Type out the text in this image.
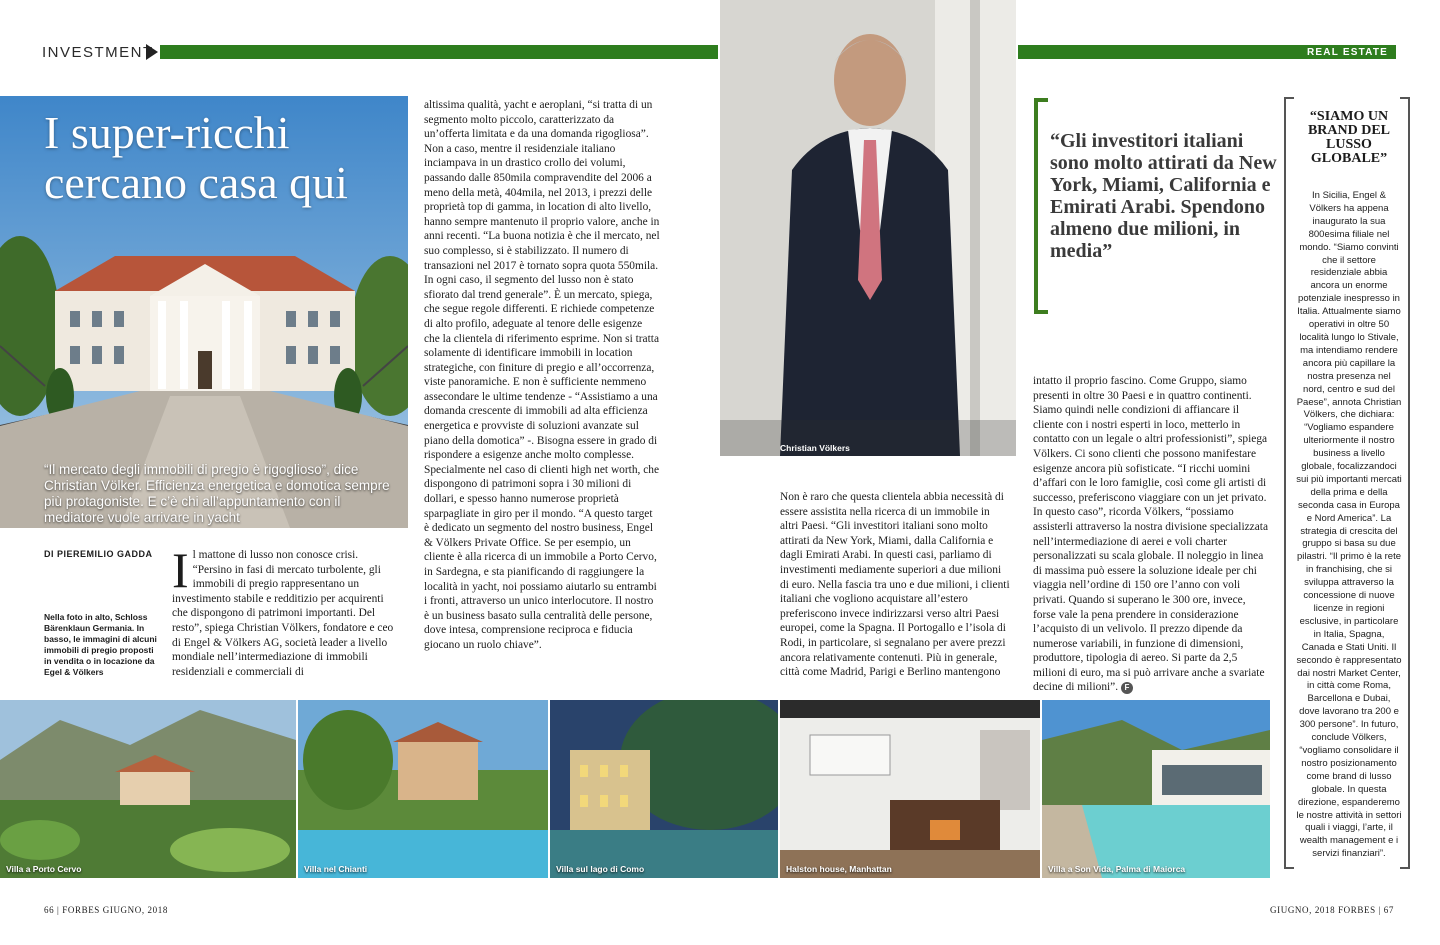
INVESTMENT	REAL ESTATE
I super-ricchi cercano casa qui
“Il mercato degli immobili di pregio è rigoglioso”, dice Christian Völker. Efficienza energetica e domotica sempre più protagoniste. E c’è chi all’appuntamento con il mediatore vuole arrivare in yacht
DI PIEREMILIO GADDA
Nella foto in alto, Schloss Bärenklaun Germania. In basso, le immagini di alcuni immobili di pregio proposti in vendita o in locazione da Egel & Völkers
I l mattone di lusso non conosce crisi. “Persino in fasi di mercato turbolente, gli immobili di pregio rappresentano un investimento stabile e redditizio per acquirenti che dispongono di patrimoni importanti. Del resto”, spiega Christian Völkers, fondatore e ceo di Engel & Völkers AG, società leader a livello mondiale nell’intermediazione di immobili residenziali e commerciali di
altissima qualità, yacht e aeroplani, “si tratta di un segmento molto piccolo, caratterizzato da un’offerta limitata e da una domanda rigogliosa”. Non a caso, mentre il residenziale italiano inciampava in un drastico crollo dei volumi, passando dalle 850mila compravendite del 2006 a meno della metà, 404mila, nel 2013, i prezzi delle proprietà top di gamma, in location di alto livello, hanno sempre mantenuto il proprio valore, anche in anni recenti. “La buona notizia è che il mercato, nel suo complesso, si è stabilizzato. Il numero di transazioni nel 2017 è tornato sopra quota 550mila. In ogni caso, il segmento del lusso non è stato sfiorato dal trend generale”. È un mercato, spiega, che segue regole differenti. E richiede competenze di alto profilo, adeguate al tenore delle esigenze che la clientela di riferimento esprime. Non si tratta solamente di identificare immobili in location strategiche, con finiture di pregio e all’occorrenza, viste panoramiche. E non è sufficiente nemmeno assecondare le ultime tendenze - “Assistiamo a una domanda crescente di immobili ad alta efficienza energetica e provviste di soluzioni avanzate sul piano della domotica” -. Bisogna essere in grado di rispondere a esigenze anche molto complesse. Specialmente nel caso di clienti high net worth, che dispongono di patrimoni sopra i 30 milioni di dollari, e spesso hanno numerose proprietà sparpagliate in giro per il mondo. “A questo target è dedicato un segmento del nostro business, Engel & Völkers Private Office. Se per esempio, un cliente è alla ricerca di un immobile a Porto Cervo, in Sardegna, e sta pianificando di raggiungere la località in yacht, noi possiamo aiutarlo su entrambi i fronti, attraverso un unico interlocutore. Il nostro è un business basato sulla centralità delle persone, dove intesa, comprensione reciproca e fiducia giocano un ruolo chiave”.
Christian Völkers
“Gli investitori italiani sono molto attirati da New York, Miami, California e Emirati Arabi. Spendono almeno due milioni, in media”
Non è raro che questa clientela abbia necessità di essere assistita nella ricerca di un immobile in altri Paesi. “Gli investitori italiani sono molto attirati da New York, Miami, dalla California e dagli Emirati Arabi. In questi casi, parliamo di investimenti mediamente superiori a due milioni di euro. Nella fascia tra uno e due milioni, i clienti italiani che vogliono acquistare all’estero preferiscono invece indirizzarsi verso altri Paesi europei, come la Spagna. Il Portogallo e l’isola di Rodi, in particolare, si segnalano per avere prezzi ancora relativamente contenuti. Più in generale, città come Madrid, Parigi e Berlino mantengono
intatto il proprio fascino. Come Gruppo, siamo presenti in oltre 30 Paesi e in quattro continenti. Siamo quindi nelle condizioni di affiancare il cliente con i nostri esperti in loco, metterlo in contatto con un legale o altri professionisti”, spiega Völkers. Ci sono clienti che possono manifestare esigenze ancora più sofisticate. “I ricchi uomini d’affari con le loro famiglie, così come gli artisti di successo, preferiscono viaggiare con un jet privato. In questo caso”, ricorda Völkers, “possiamo assisterli attraverso la nostra divisione specializzata nell’intermediazione di aerei e voli charter personalizzati su scala globale. Il noleggio in linea di massima può essere la soluzione ideale per chi viaggia nell’ordine di 150 ore l’anno con voli privati. Quando si superano le 300 ore, invece, forse vale la pena prendere in considerazione l’acquisto di un velivolo. Il prezzo dipende da numerose variabili, in funzione di dimensioni, produttore, tipologia di aereo. Si parte da 2,5 milioni di euro, ma si può arrivare anche a svariate decine di milioni”. F
“SIAMO UN BRAND DEL LUSSO GLOBALE”
In Sicilia, Engel & Völkers ha appena inaugurato la sua 800esima filiale nel mondo. “Siamo convinti che il settore residenziale abbia ancora un enorme potenziale inespresso in Italia. Attualmente siamo operativi in oltre 50 località lungo lo Stivale, ma intendiamo rendere ancora più capillare la nostra presenza nel nord, centro e sud del Paese”, annota Christian Völkers, che dichiara: “Vogliamo espandere ulteriormente il nostro business a livello globale, focalizzandoci sui più importanti mercati della prima e della seconda casa in Europa e Nord America”. La strategia di crescita del gruppo si basa su due pilastri. “Il primo è la rete in franchising, che si sviluppa attraverso la concessione di nuove licenze in regioni esclusive, in particolare in Italia, Spagna, Canada e Stati Uniti. Il secondo è rappresentato dai nostri Market Center, in città come Roma, Barcellona e Dubai, dove lavorano tra 200 e 300 persone”. In futuro, conclude Völkers, “vogliamo consolidare il nostro posizionamento come brand di lusso globale. In questa direzione, espanderemo le nostre attività in settori quali i viaggi, l’arte, il wealth management e i servizi finanziari”.
Villa a Porto Cervo	Villa nel Chianti	Villa sul lago di Como	Halston house, Manhattan	Villa a Son Vida, Palma di Maiorca
66 | FORBES GIUGNO, 2018	GIUGNO, 2018 FORBES | 67
